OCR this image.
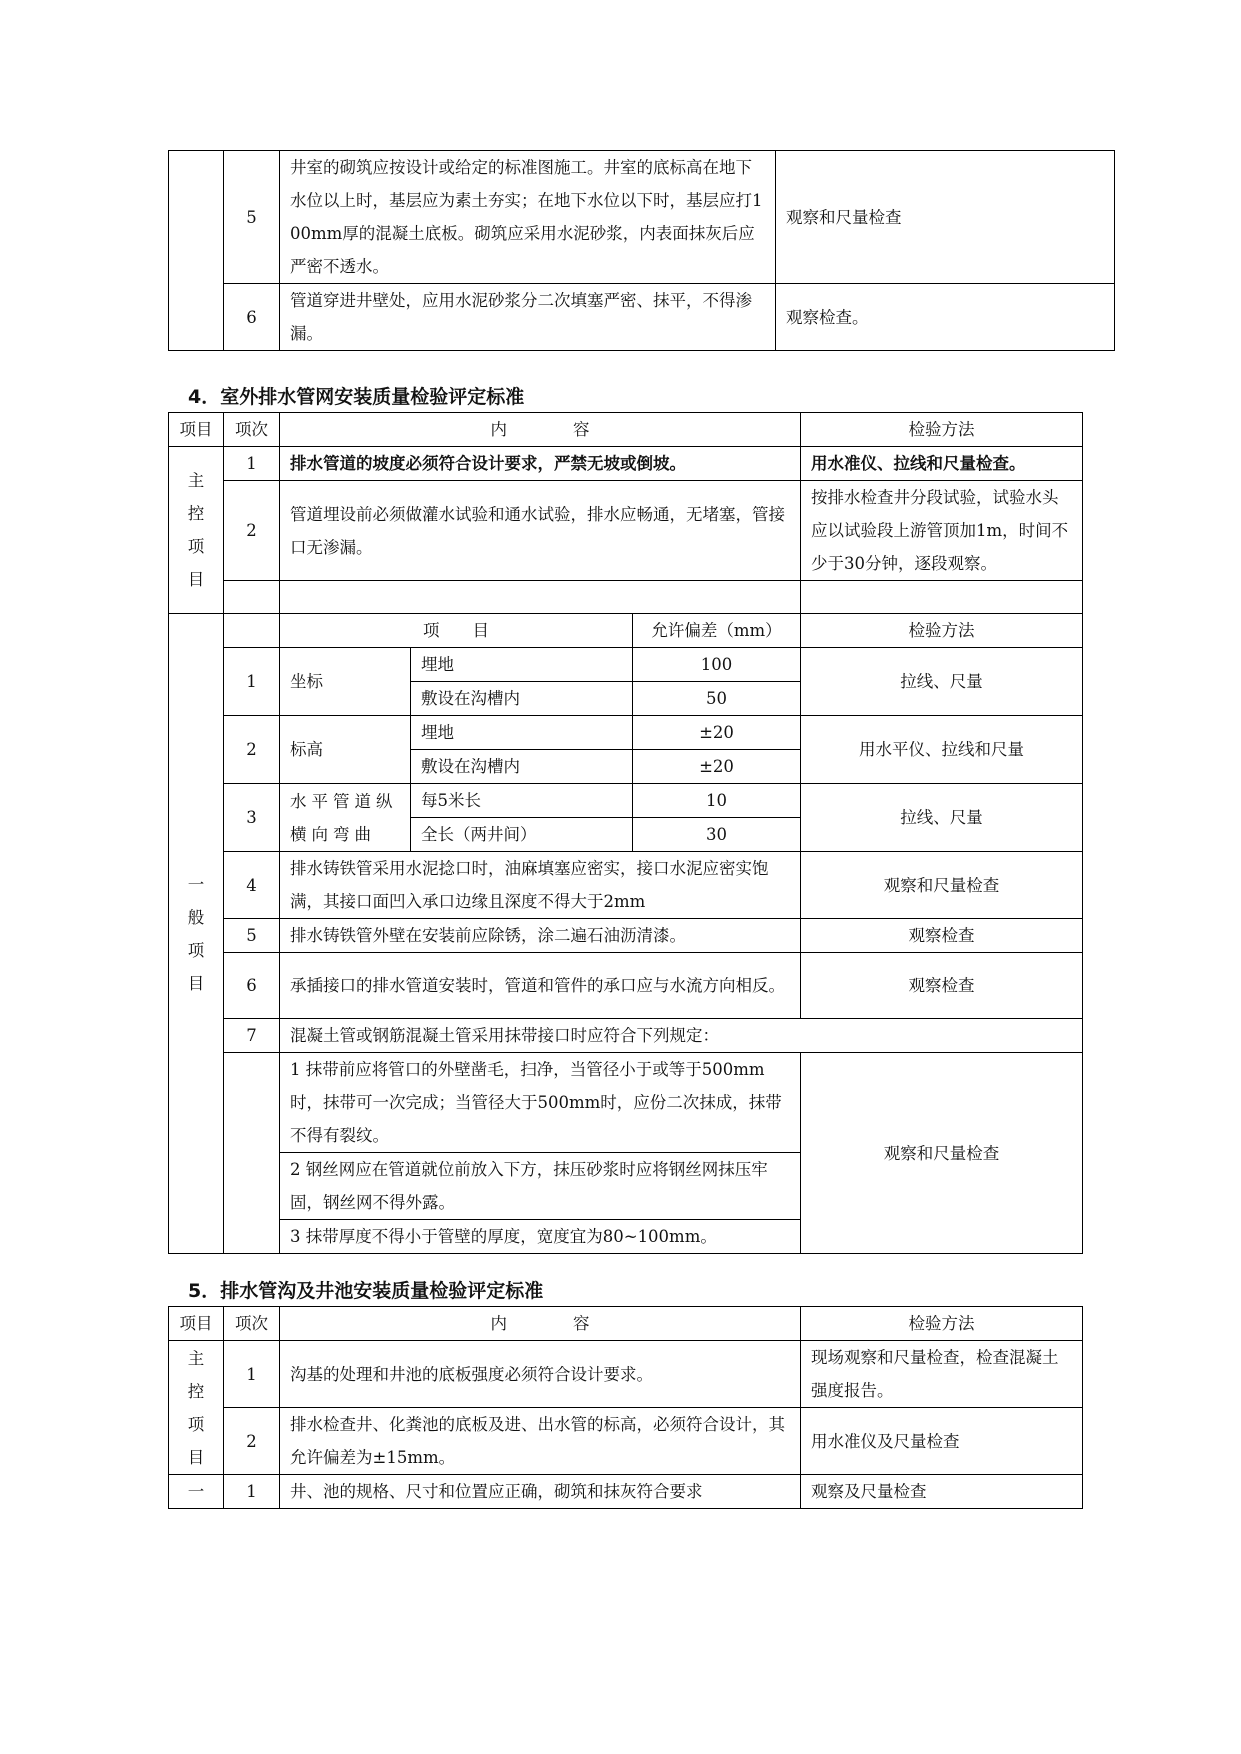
	5	井室的砌筑应按设计或给定的标准图施工。井室的底标高在地下水位以上时，基层应为素土夯实；在地下水位以下时，基层应打100mm厚的混凝土底板。砌筑应采用水泥砂浆，内表面抹灰后应严密不透水。	观察和尺量检查
	6	管道穿进井壁处，应用水泥砂浆分二次填塞严密、抹平，不得渗漏。	观察检查。
4．室外排水管网安装质量检验评定标准
项目	项次	内　　　　容			检验方法
主控项目	1	排水管道的坡度必须符合设计要求，严禁无坡或倒坡。			用水准仪、拉线和尺量检查。
	2	管道埋设前必须做灌水试验和通水试验，排水应畅通，无堵塞，管接口无渗漏。			按排水检查井分段试验，试验水头应以试验段上游管顶加1m，时间不少于30分钟，逐段观察。

一般项目		项　　目		允许偏差（mm）	检验方法
	1	坐标	埋地	100	拉线、尺量
			敷设在沟槽内	50	
	2	标高	埋地	±20	用水平仪、拉线和尺量
			敷设在沟槽内	±20	
	3	水平管道纵横向弯曲	每5米长	10	拉线、尺量
			全长（两井间）	30	
	4	排水铸铁管采用水泥捻口时，油麻填塞应密实，接口水泥应密实饱满，其接口面凹入承口边缘且深度不得大于2mm			观察和尺量检查
	5	排水铸铁管外壁在安装前应除锈，涂二遍石油沥清漆。			观察检查
	6	承插接口的排水管道安装时，管道和管件的承口应与水流方向相反。			观察检查
	7	混凝土管或钢筋混凝土管采用抹带接口时应符合下列规定：			
		1 抹带前应将管口的外壁凿毛，扫净，当管径小于或等于500mm时，抹带可一次完成；当管径大于500mm时，应份二次抹成，抹带不得有裂纹。			观察和尺量检查
		2 钢丝网应在管道就位前放入下方，抹压砂浆时应将钢丝网抹压牢固，钢丝网不得外露。			
		3 抹带厚度不得小于管壁的厚度，宽度宜为80~100mm。			
5．排水管沟及井池安装质量检验评定标准
项目	项次	内　　　　容	检验方法
主控项目	1	沟基的处理和井池的底板强度必须符合设计要求。	现场观察和尺量检查，检查混凝土强度报告。
	2	排水检查井、化粪池的底板及进、出水管的标高，必须符合设计，其允许偏差为±15mm。	用水准仪及尺量检查
一	1	井、池的规格、尺寸和位置应正确，砌筑和抹灰符合要求	观察及尺量检查
